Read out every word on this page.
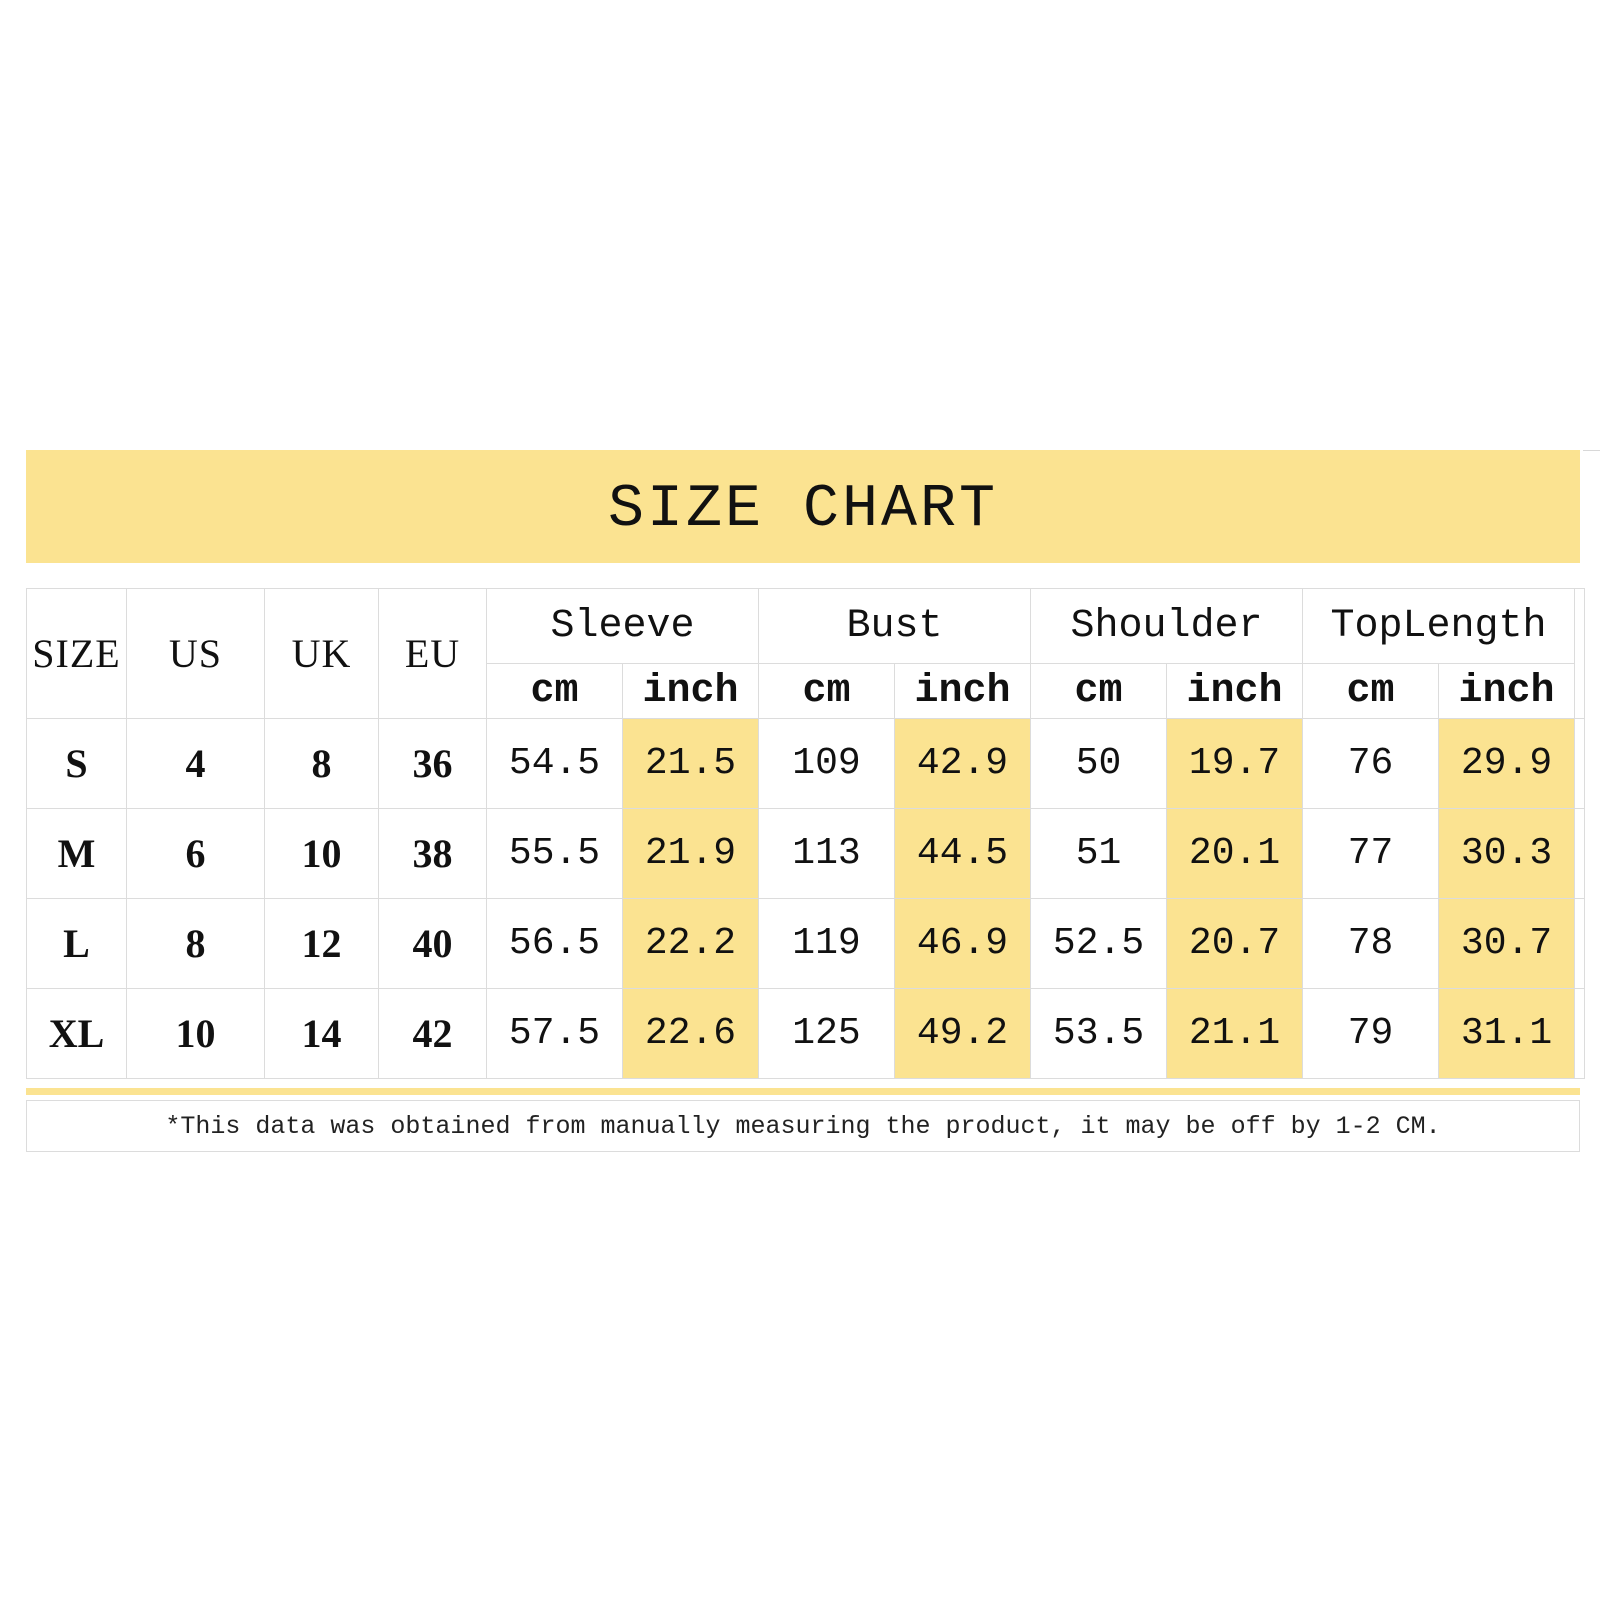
SIZE CHART
SIZE	US	UK	EU	Sleeve		Bust		Shoulder		TopLength		
				cm	inch	cm	inch	cm	inch	cm	inch	
S	4	8	36	54.5	21.5	109	42.9	50	19.7	76	29.9	
M	6	10	38	55.5	21.9	113	44.5	51	20.1	77	30.3	
L	8	12	40	56.5	22.2	119	46.9	52.5	20.7	78	30.7	
XL	10	14	42	57.5	22.6	125	49.2	53.5	21.1	79	31.1	
*This data was obtained from manually measuring the product, it may be off by 1-2 CM.
